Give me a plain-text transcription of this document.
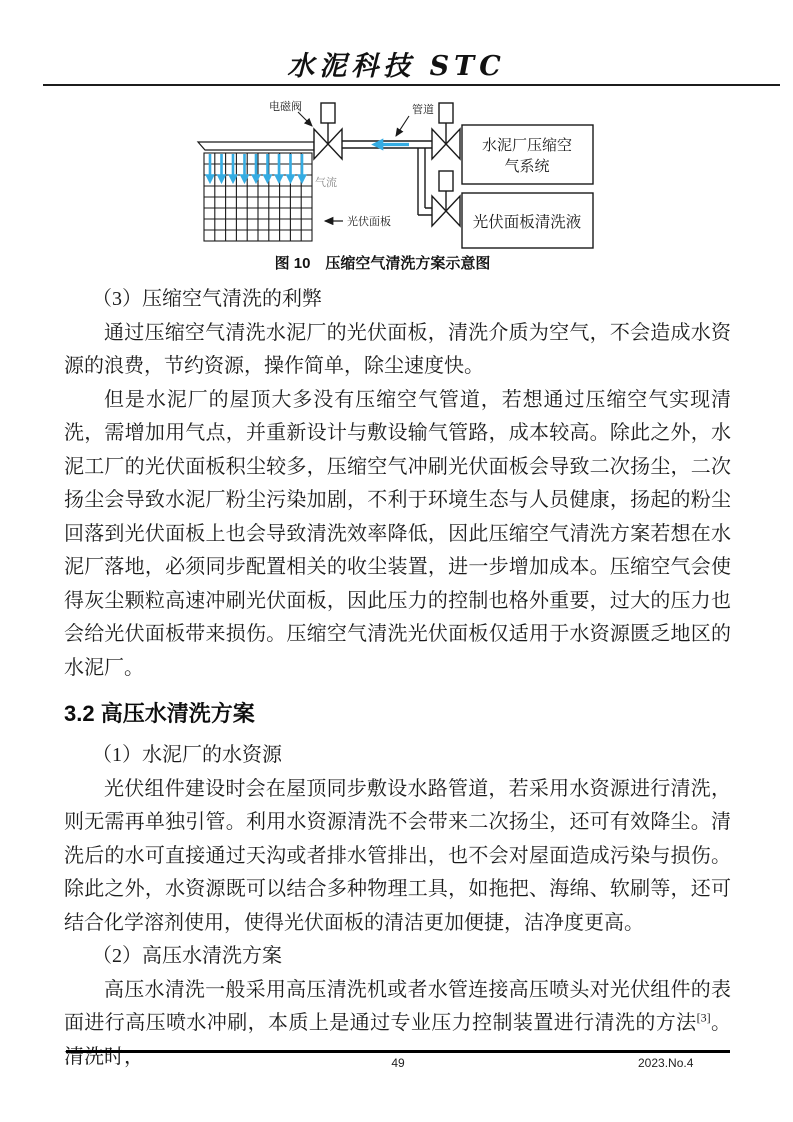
水泥科技 STC
水泥厂压缩空
气系统
光伏面板清洗液
电磁阀	管道
气流
光伏面板
图 10　压缩空气清洗方案示意图

（3）压缩空气清洗的利弊

通过压缩空气清洗水泥厂的光伏面板，清洗介质为空气，不会造成水资源的浪费，节约资源，操作简单，除尘速度快。

但是水泥厂的屋顶大多没有压缩空气管道，若想通过压缩空气实现清洗，需增加用气点，并重新设计与敷设输气管路，成本较高。除此之外，水泥工厂的光伏面板积尘较多，压缩空气冲刷光伏面板会导致二次扬尘，二次扬尘会导致水泥厂粉尘污染加剧，不利于环境生态与人员健康，扬起的粉尘回落到光伏面板上也会导致清洗效率降低，因此压缩空气清洗方案若想在水泥厂落地，必须同步配置相关的收尘装置，进一步增加成本。压缩空气会使得灰尘颗粒高速冲刷光伏面板，因此压力的控制也格外重要，过大的压力也会给光伏面板带来损伤。压缩空气清洗光伏面板仅适用于水资源匮乏地区的水泥厂。

3.2 高压水清洗方案

（1）水泥厂的水资源

光伏组件建设时会在屋顶同步敷设水路管道，若采用水资源进行清洗，则无需再单独引管。利用水资源清洗不会带来二次扬尘，还可有效降尘。清洗后的水可直接通过天沟或者排水管排出，也不会对屋面造成污染与损伤。除此之外，水资源既可以结合多种物理工具，如拖把、海绵、软刷等，还可结合化学溶剂使用，使得光伏面板的清洁更加便捷，洁净度更高。

（2）高压水清洗方案

高压水清洗一般采用高压清洗机或者水管连接高压喷头对光伏组件的表面进行高压喷水冲刷，本质上是通过专业压力控制装置进行清洗的方法[3]。清洗时，	49	2023.No.4
